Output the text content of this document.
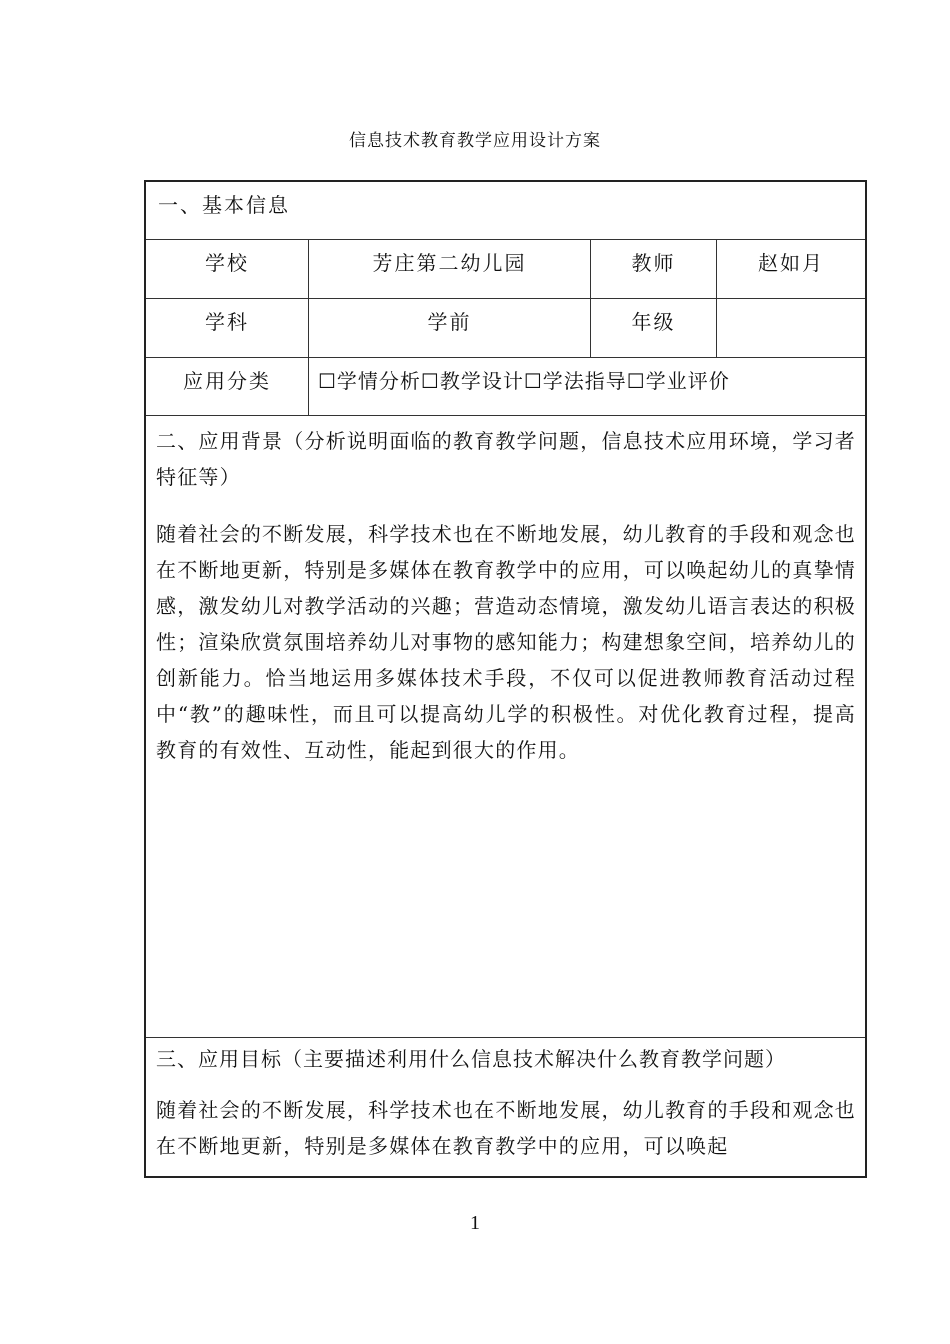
信息技术教育教学应用设计方案
一、基本信息
学校	芳庄第二幼儿园	教师	赵如月
学科	学前	年级
应用分类	☐学情分析☐教学设计☐学法指导☐学业评价
二、应用背景（分析说明面临的教育教学问题，信息技术应用环境，学习者特征等）
随着社会的不断发展，科学技术也在不断地发展，幼儿教育的手段和观念也在不断地更新，特别是多媒体在教育教学中的应用，可以唤起幼儿的真挚情感，激发幼儿对教学活动的兴趣；营造动态情境，激发幼儿语言表达的积极性；渲染欣赏氛围培养幼儿对事物的感知能力；构建想象空间，培养幼儿的创新能力。恰当地运用多媒体技术手段，不仅可以促进教师教育活动过程中“教”的趣味性，而且可以提高幼儿学的积极性。对优化教育过程，提高教育的有效性、互动性，能起到很大的作用。
三、应用目标（主要描述利用什么信息技术解决什么教育教学问题）
随着社会的不断发展，科学技术也在不断地发展，幼儿教育的手段和观念也在不断地更新，特别是多媒体在教育教学中的应用，可以唤起
1
